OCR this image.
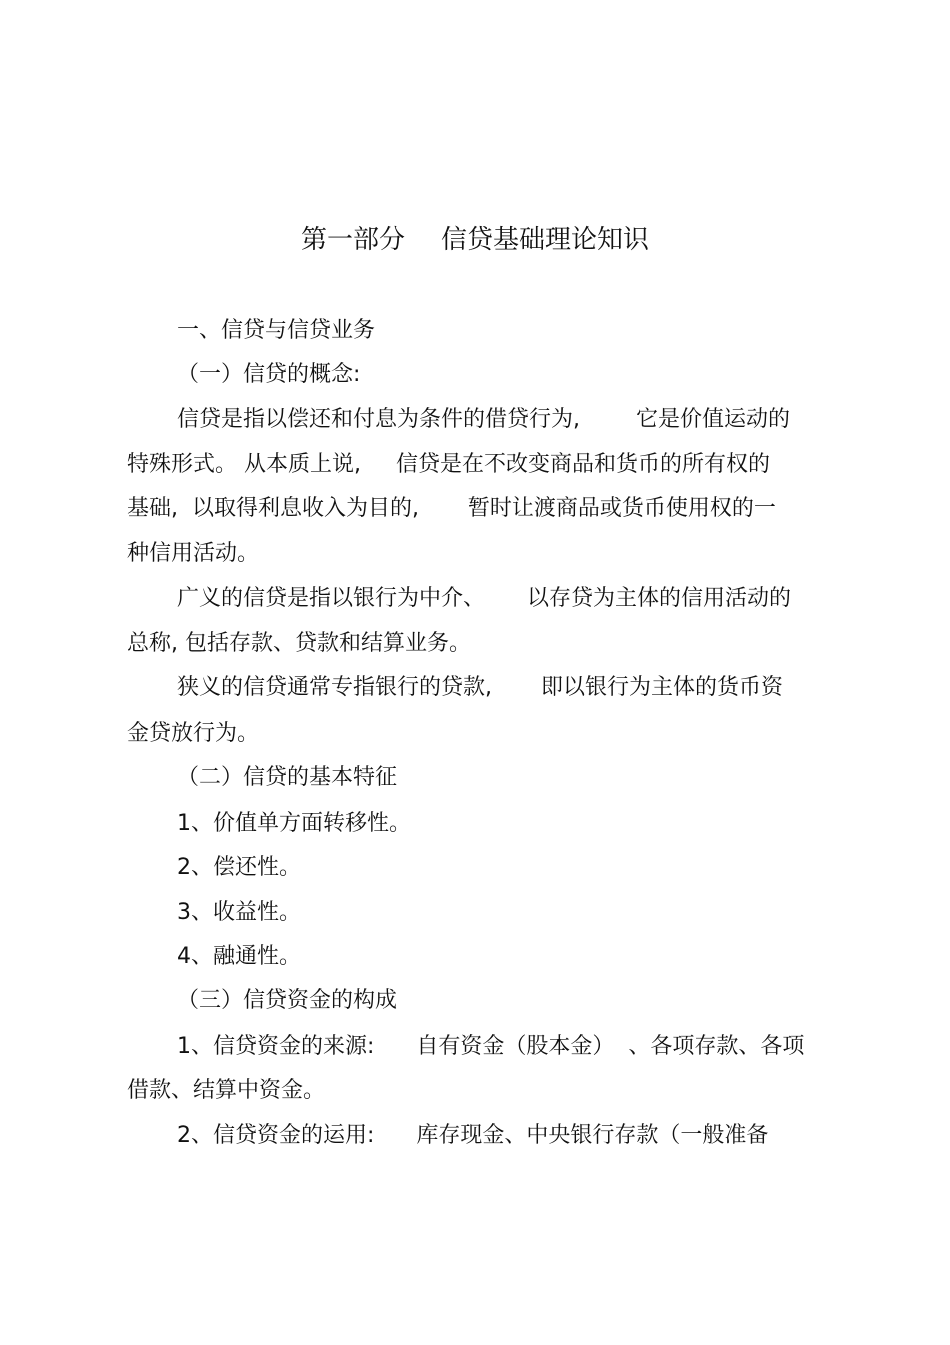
第一部分 信贷基础理论知识
一、信贷与信贷业务
（一）信贷的概念:
信贷是指以偿还和付息为条件的借贷行为,        它是价值运动的
特殊形式。 从本质上说,     信贷是在不改变商品和货币的所有权的
基础,  以取得利息收入为目的,       暂时让渡商品或货币使用权的一
种信用活动。
广义的信贷是指以银行为中介、      以存贷为主体的信用活动的
总称, 包括存款、贷款和结算业务。
狭义的信贷通常专指银行的贷款,       即以银行为主体的货币资
金贷放行为。
（二）信贷的基本特征
1、价值单方面转移性。
2、偿还性。
3、收益性。
4、融通性。
（三）信贷资金的构成
1、信贷资金的来源:      自有资金（股本金）  、各项存款、各项
借款、结算中资金。
2、信贷资金的运用:      库存现金、中央银行存款（一般准备
